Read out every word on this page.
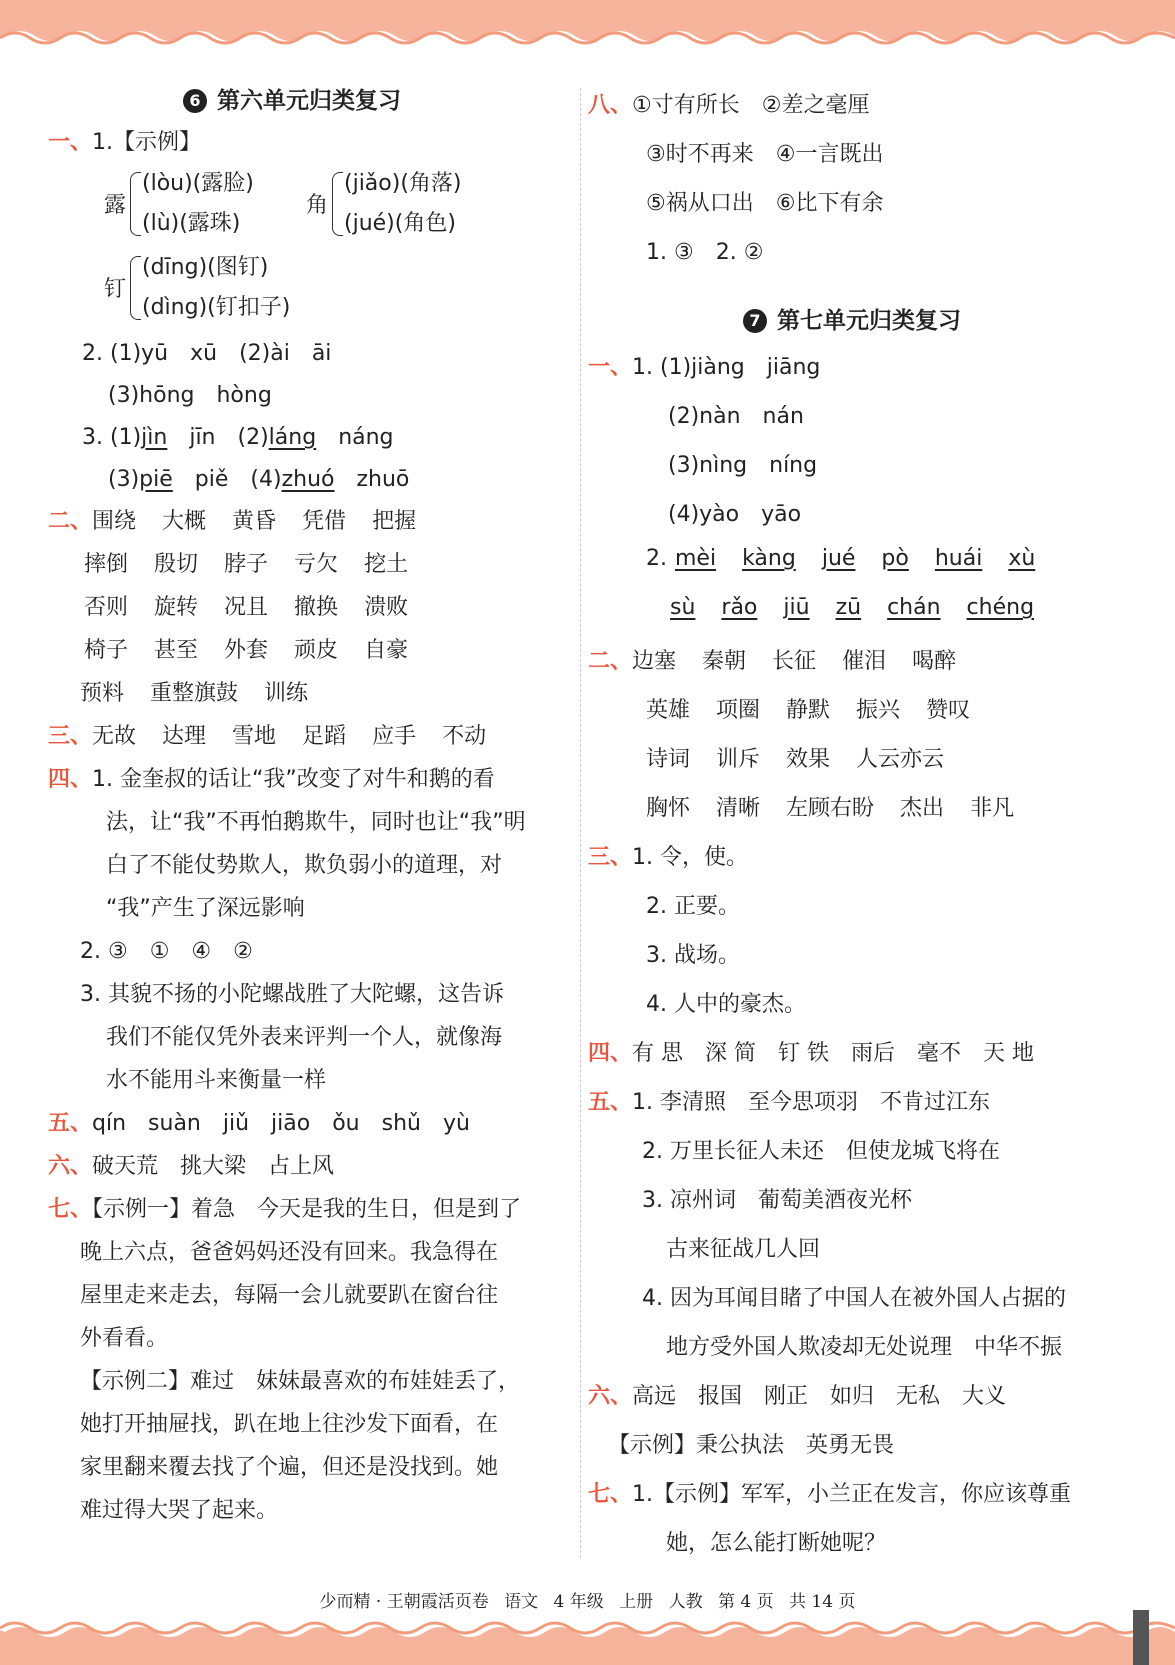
6 第六单元归类复习
一、1.【示例】
露
(lòu)(露脸)
(lù)(露珠)
角
(jiǎo)(角落)
(jué)(角色)
钉
(dīng)(图钉)
(dìng)(钉扣子)
2. (1)yū　xū　(2)ài　āi
(3)hōng　hòng
3. (1)jìn　jīn　(2)láng　náng
(3)piē　piě　(4)zhuó　zhuō
二、围绕 大概 黄昏 凭借 把握
摔倒 殷切 脖子 亏欠 挖土
否则 旋转 况且 撤换 溃败
椅子 甚至 外套 顽皮 自豪
预料 重整旗鼓 训练
三、无故 达理 雪地 足蹈 应手 不动
四、1. 金奎叔的话让“我”改变了对牛和鹅的看
法，让“我”不再怕鹅欺牛，同时也让“我”明
白了不能仗势欺人，欺负弱小的道理，对
“我”产生了深远影响
2. ③　①　④　②
3. 其貌不扬的小陀螺战胜了大陀螺，这告诉
我们不能仅凭外表来评判一个人，就像海
水不能用斗来衡量一样
五、qín　suàn　jiǔ　jiāo　ǒu　shǔ　yù
六、破天荒　挑大梁　占上风
七、【示例一】着急　今天是我的生日，但是到了
晚上六点，爸爸妈妈还没有回来。我急得在
屋里走来走去，每隔一会儿就要趴在窗台往
外看看。
【示例二】难过　妹妹最喜欢的布娃娃丢了，
她打开抽屉找，趴在地上往沙发下面看，在
家里翻来覆去找了个遍，但还是没找到。她
难过得大哭了起来。
八、①寸有所长　②差之毫厘
③时不再来　④一言既出
⑤祸从口出　⑥比下有余
1. ③　2. ②
7 第七单元归类复习
一、1. (1)jiàng　jiāng
(2)nàn　nán
(3)nìng　níng
(4)yào　yāo
2. mèi kàng jué pò huái xù
sù rǎo jiū zū chán chéng
二、边塞 秦朝 长征 催泪 喝醉
英雄 项圈 静默 振兴 赞叹
诗词 训斥 效果 人云亦云
胸怀 清晰 左顾右盼 杰出 非凡
三、1. 令，使。
2. 正要。
3. 战场。
4. 人中的豪杰。
四、有 思　深 简　钉 铁　雨后　毫不　天 地
五、1. 李清照　至今思项羽　不肯过江东
2. 万里长征人未还　但使龙城飞将在
3. 凉州词　葡萄美酒夜光杯
古来征战几人回
4. 因为耳闻目睹了中国人在被外国人占据的
地方受外国人欺凌却无处说理　中华不振
六、高远　报国　刚正　如归　无私　大义
【示例】秉公执法　英勇无畏
七、1.【示例】军军，小兰正在发言，你应该尊重
她，怎么能打断她呢？
少而精 · 王朝霞活页卷 语文 4 年级 上册 人教 第 4 页 共 14 页
